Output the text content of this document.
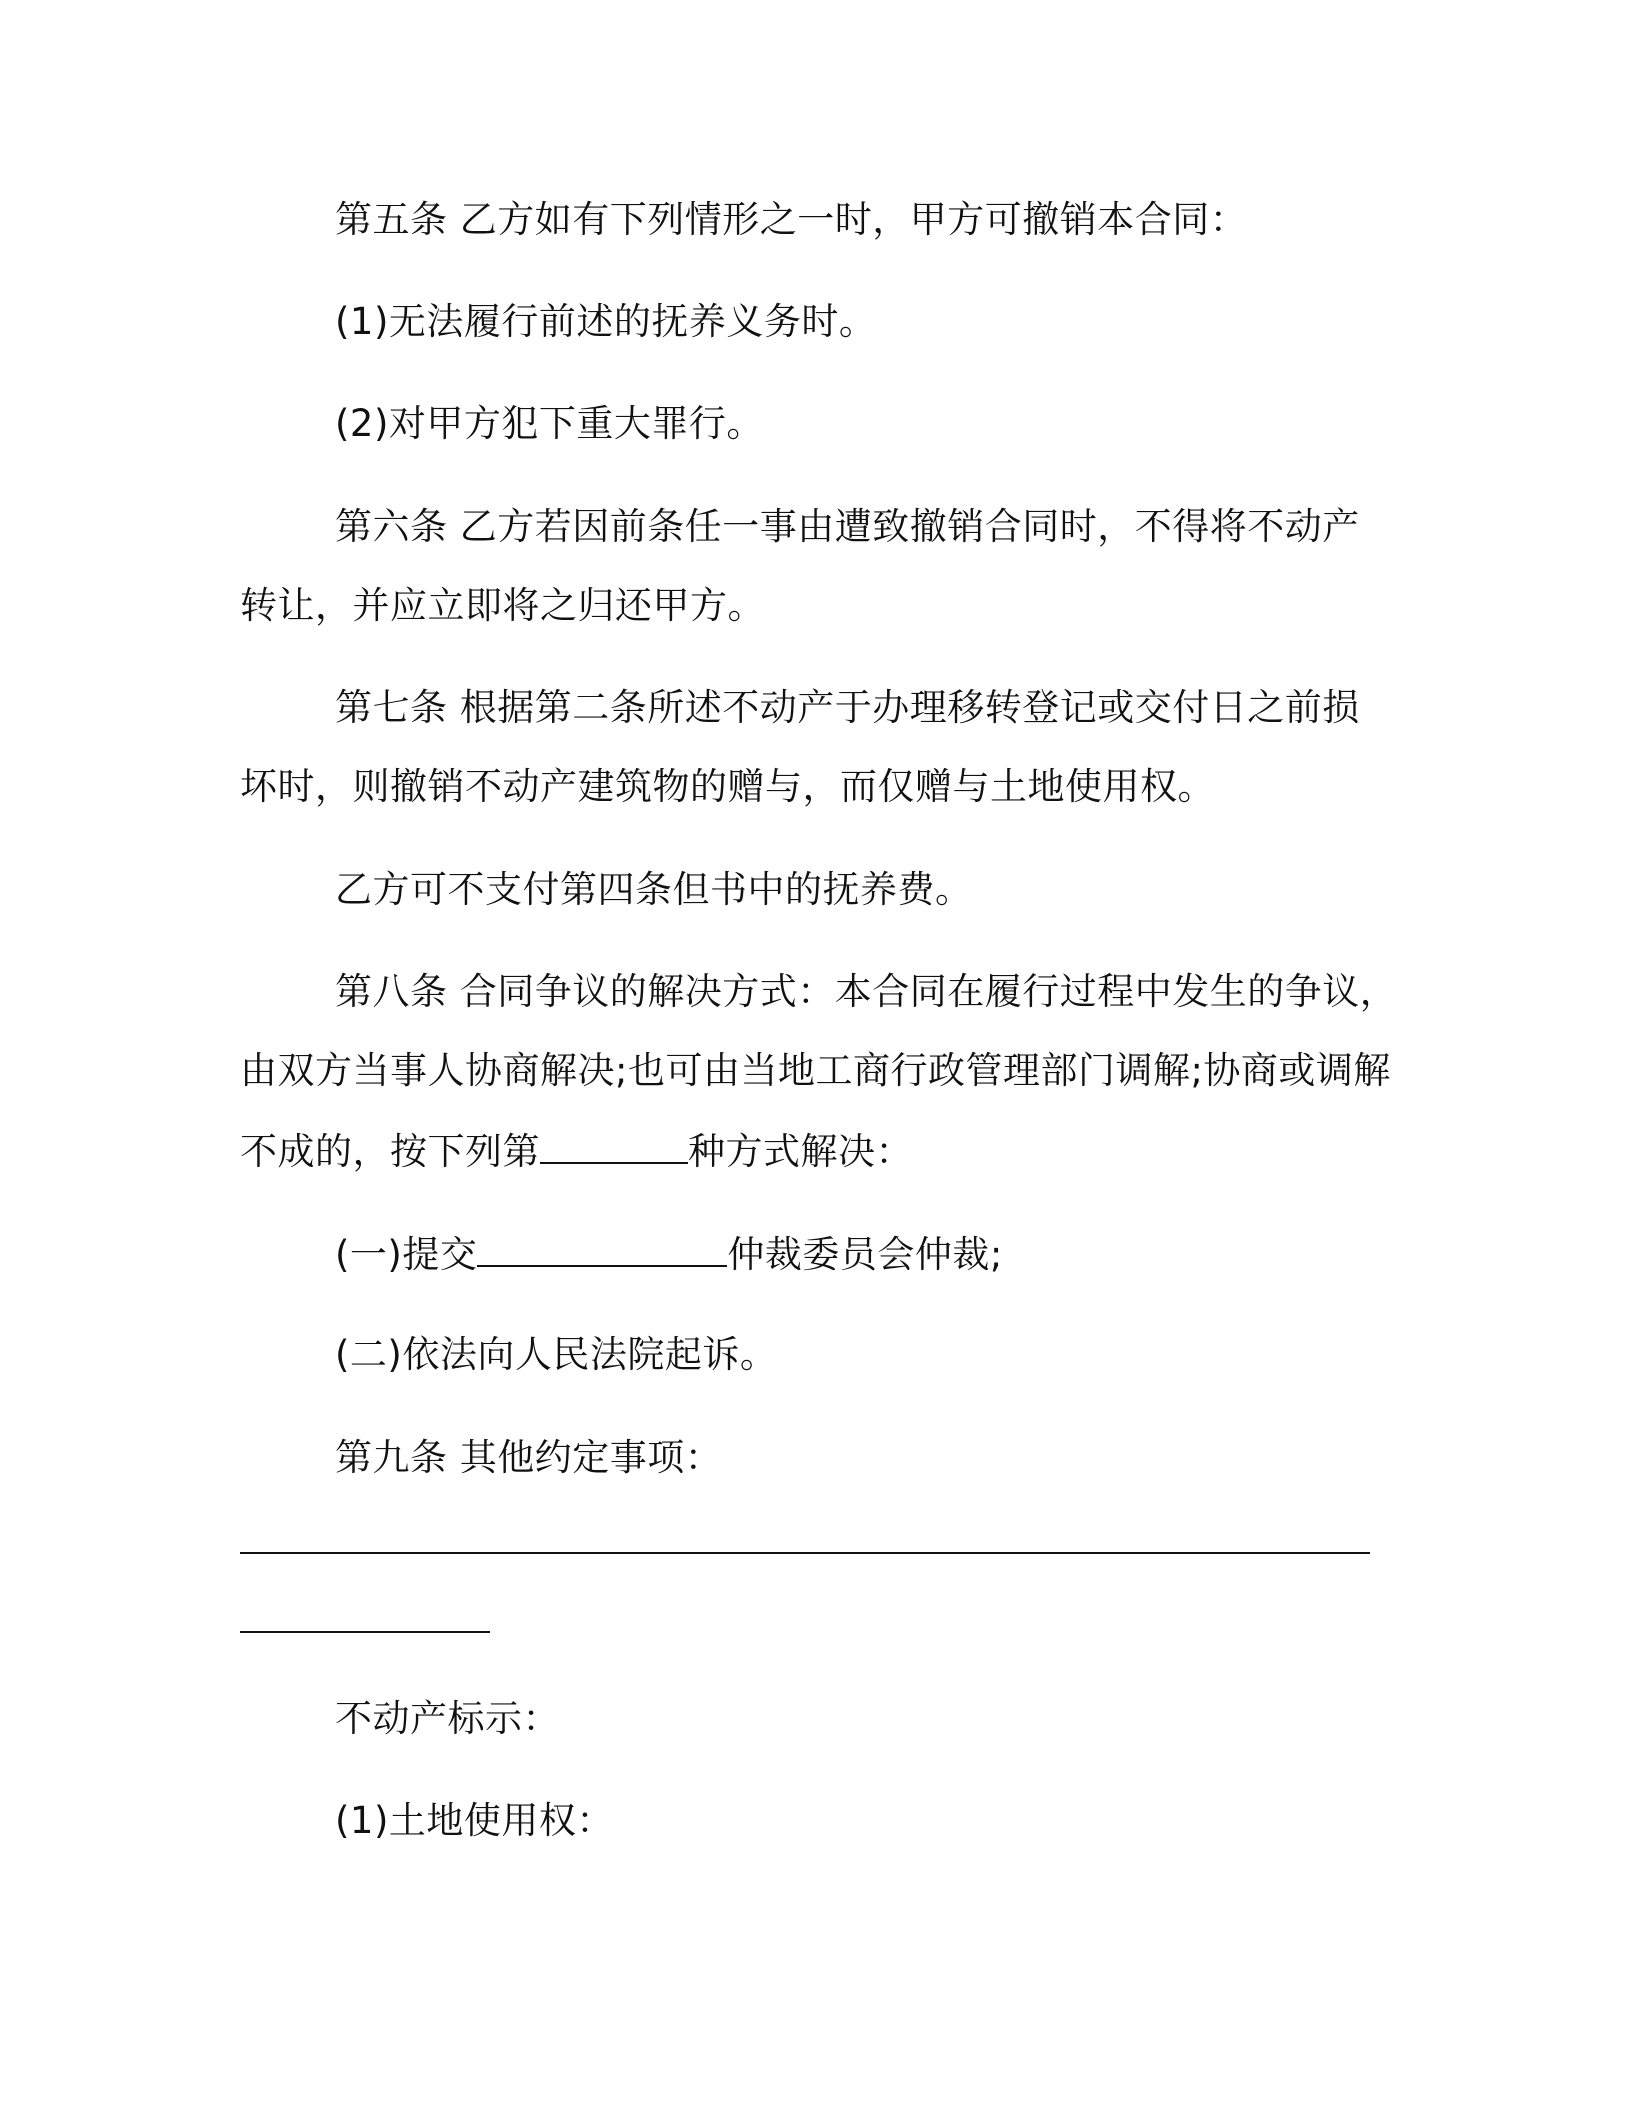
第五条 乙方如有下列情形之一时，甲方可撤销本合同：
(1)无法履行前述的抚养义务时。
(2)对甲方犯下重大罪行。
第六条 乙方若因前条任一事由遭致撤销合同时，不得将不动产
转让，并应立即将之归还甲方。
第七条 根据第二条所述不动产于办理移转登记或交付日之前损
坏时，则撤销不动产建筑物的赠与，而仅赠与土地使用权。
乙方可不支付第四条但书中的抚养费。
第八条 合同争议的解决方式：本合同在履行过程中发生的争议，
由双方当事人协商解决;也可由当地工商行政管理部门调解;协商或调解
不成的，按下列第	种方式解决：
(一)提交	仲裁委员会仲裁;
(二)依法向人民法院起诉。
第九条 其他约定事项：
不动产标示：
(1)土地使用权：
